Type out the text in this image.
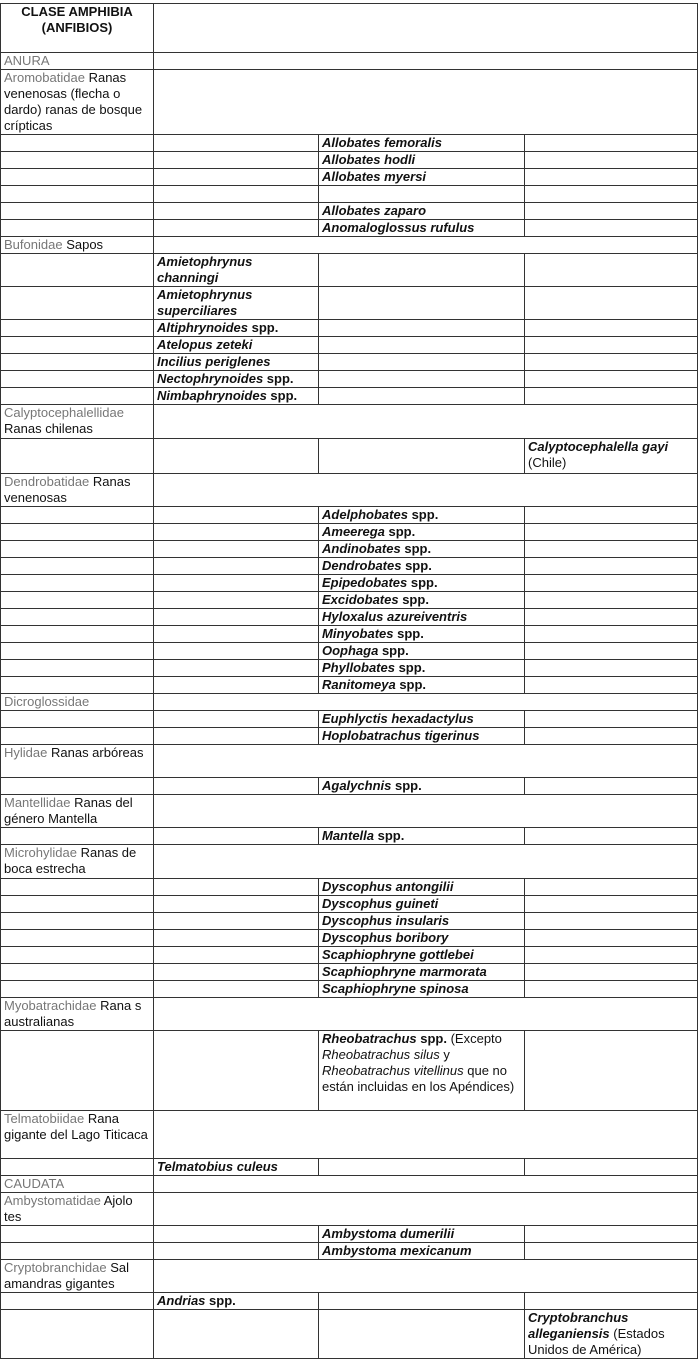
CLASE AMPHIBIA (ANFIBIOS)			
ANURA			
Aromobatidae Ranas venenosas (flecha o dardo) ranas de bosque crípticas			
		Allobates femoralis	
		Allobates hodli	
		Allobates myersi	

		Allobates zaparo	
		Anomaloglossus rufulus	
Bufonidae Sapos			
	Amietophrynus channingi		
	Amietophrynus superciliares		
	Altiphrynoides spp.		
	Atelopus zeteki		
	Incilius periglenes		
	Nectophrynoides spp.		
	Nimbaphrynoides spp.		
Calyptocephalellidae Ranas chilenas			
			Calyptocephalella gayi (Chile)
Dendrobatidae Ranas venenosas			
		Adelphobates spp.	
		Ameerega spp.	
		Andinobates spp.	
		Dendrobates spp.	
		Epipedobates spp.	
		Excidobates spp.	
		Hyloxalus azureiventris	
		Minyobates spp.	
		Oophaga spp.	
		Phyllobates spp.	
		Ranitomeya spp.	
Dicroglossidae			
		Euphlyctis hexadactylus	
		Hoplobatrachus tigerinus	
Hylidae Ranas arbóreas			
		Agalychnis spp.	
Mantellidae Ranas del género Mantella			
		Mantella spp.	
Microhylidae Ranas de boca estrecha			
		Dyscophus antongilii	
		Dyscophus guineti	
		Dyscophus insularis	
		Dyscophus boribory	
		Scaphiophryne gottlebei	
		Scaphiophryne marmorata	
		Scaphiophryne spinosa	
Myobatrachidae Rana s australianas			
		Rheobatrachus spp. (Excepto Rheobatrachus silus y Rheobatrachus vitellinus que no están incluidas en los Apéndices)	
Telmatobiidae Rana gigante del Lago Titicaca			
	Telmatobius culeus		
CAUDATA			
Ambystomatidae Ajolo tes			
		Ambystoma dumerilii	
		Ambystoma mexicanum	
Cryptobranchidae Sal amandras gigantes			
	Andrias spp.		
			Cryptobranchus alleganiensis (Estados Unidos de América)
